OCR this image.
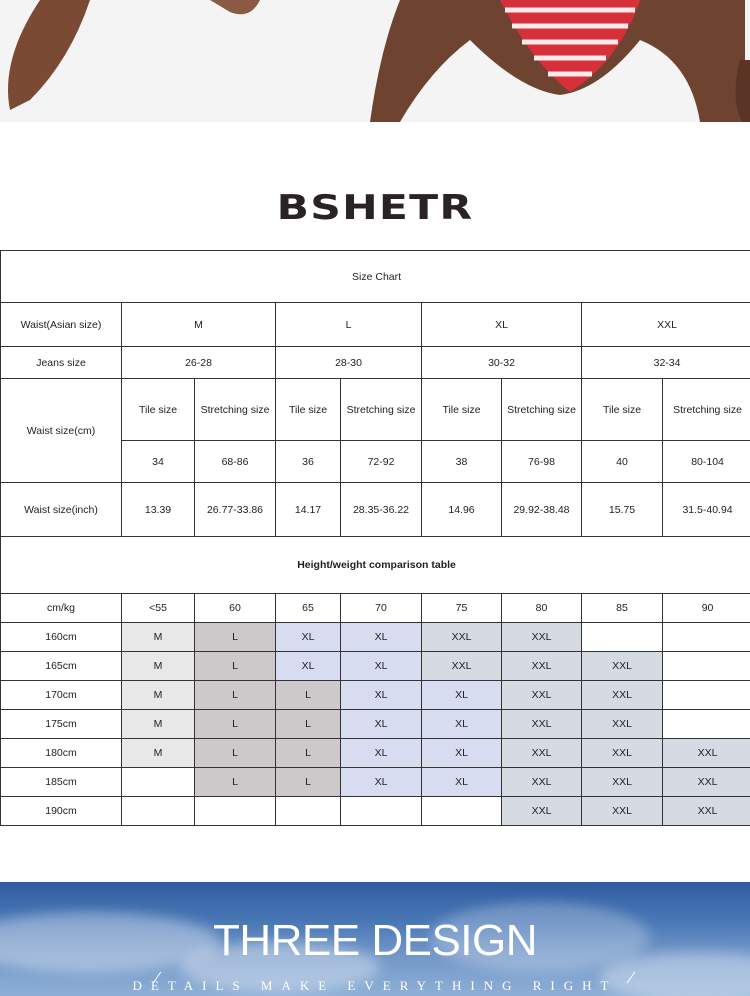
BSHETR
Size Chart								
Waist(Asian size)	M		L		XL		XXL	
Jeans size	26-28		28-30		30-32		32-34	
Waist size(cm)	Tile size	Stretching size	Tile size	Stretching size	Tile size	Stretching size	Tile size	Stretching size
	34	68-86	36	72-92	38	76-98	40	80-104
Waist size(inch)	13.39	26.77-33.86	14.17	28.35-36.22	14.96	29.92-38.48	15.75	31.5-40.94
Height/weight comparison table								
cm/kg	<55	60	65	70	75	80	85	90
160cm	M	L	XL	XL	XXL	XXL		
165cm	M	L	XL	XL	XXL	XXL	XXL	
170cm	M	L	L	XL	XL	XXL	XXL	
175cm	M	L	L	XL	XL	XXL	XXL	
180cm	M	L	L	XL	XL	XXL	XXL	XXL
185cm		L	L	XL	XL	XXL	XXL	XXL
190cm						XXL	XXL	XXL
THREE DESIGN
DETAILS MAKE EVERYTHING RIGHT
